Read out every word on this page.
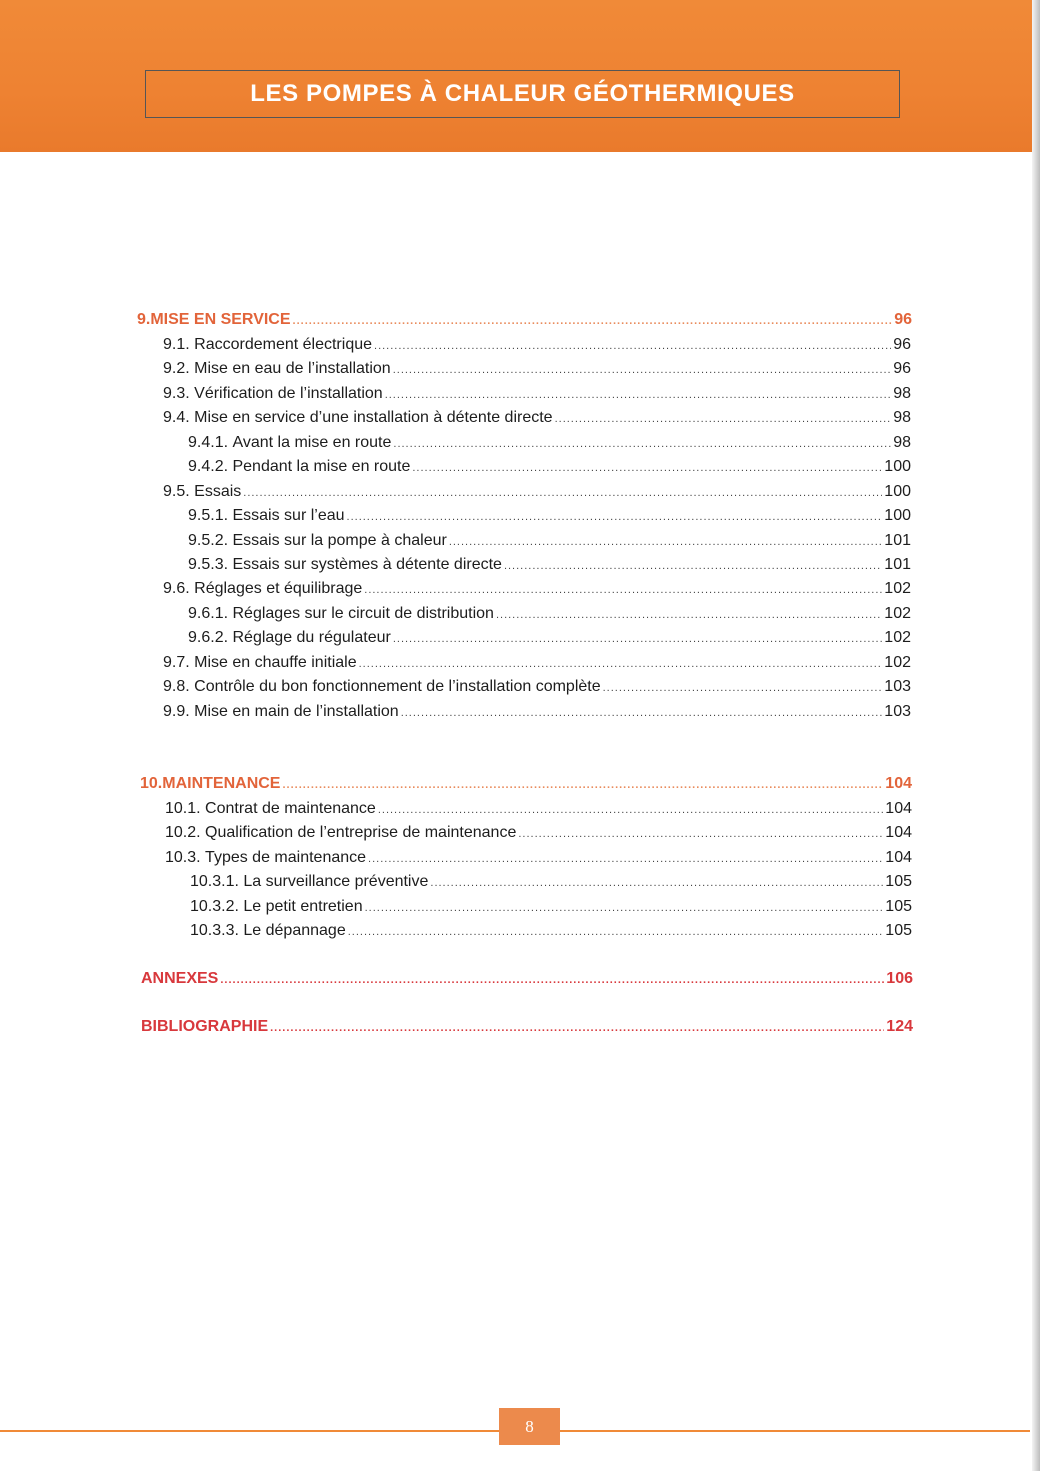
LES POMPES À CHALEUR GÉOTHERMIQUES
9. MISE EN SERVICE .....	96
9.1.
Raccordement électrique .....	96
9.2.
Mise en eau de l’installation .....	96
9.3.
Vérification de l’installation .....	98
9.4.
Mise en service d’une installation à détente directe .....	98
9.4.1.
Avant la mise en route .....	98
9.4.2.
Pendant la mise en route .....	100
9.5.
Essais .....	100
9.5.1.
Essais sur l’eau .....	100
9.5.2.
Essais sur la pompe à chaleur .....	101
9.5.3.
Essais sur systèmes à détente directe .....	101
9.6.
Réglages et équilibrage .....	102
9.6.1.
Réglages sur le circuit de distribution .....	102
9.6.2.
Réglage du régulateur .....	102
9.7.
Mise en chauffe initiale .....	102
9.8.
Contrôle du bon fonctionnement de l’installation complète .....	103
9.9.
Mise en main de l’installation .....	103
10. MAINTENANCE .....	104
10.1.
Contrat de maintenance .....	104
10.2.
Qualification de l’entreprise de maintenance .....	104
10.3.
Types de maintenance .....	104
10.3.1.
La surveillance préventive .....	105
10.3.2.
Le petit entretien .....	105
10.3.3.
Le dépannage .....	105
ANNEXES .....	106
BIBLIOGRAPHIE .....	124
8
